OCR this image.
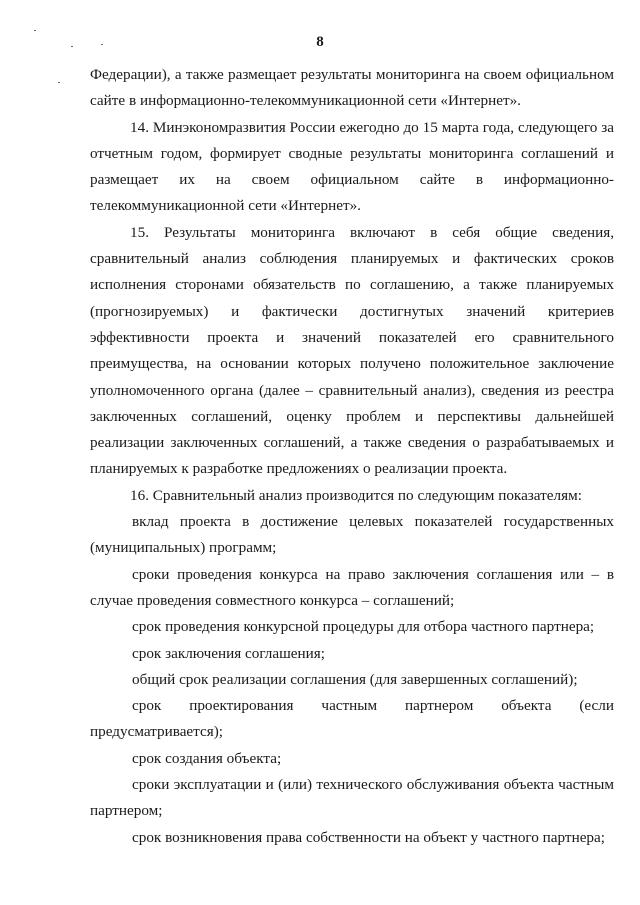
8

Федерации), а также размещает результаты мониторинга на своем официальном сайте в информационно-телекоммуникационной сети «Интернет».

14. Минэкономразвития России ежегодно до 15 марта года, следующего за отчетным годом, формирует сводные результаты мониторинга соглашений и размещает их на своем официальном сайте в информационно-телекоммуникационной сети «Интернет».

15. Результаты мониторинга включают в себя общие сведения, сравнительный анализ соблюдения планируемых и фактических сроков исполнения сторонами обязательств по соглашению, а также планируемых (прогнозируемых) и фактически достигнутых значений критериев эффективности проекта и значений показателей его сравнительного преимущества, на основании которых получено положительное заключение уполномоченного органа (далее – сравнительный анализ), сведения из реестра заключенных соглашений, оценку проблем и перспективы дальнейшей реализации заключенных соглашений, а также сведения о разрабатываемых и планируемых к разработке предложениях о реализации проекта.

16. Сравнительный анализ производится по следующим показателям:

вклад проекта в достижение целевых показателей государственных (муниципальных) программ;

сроки проведения конкурса на право заключения соглашения или – в случае проведения совместного конкурса – соглашений;

срок проведения конкурсной процедуры для отбора частного партнера;

срок заключения соглашения;

общий срок реализации соглашения (для завершенных соглашений);

срок проектирования частным партнером объекта (если предусматривается);

срок создания объекта;

сроки эксплуатации и (или) технического обслуживания объекта частным партнером;

срок возникновения права собственности на объект у частного партнера;
